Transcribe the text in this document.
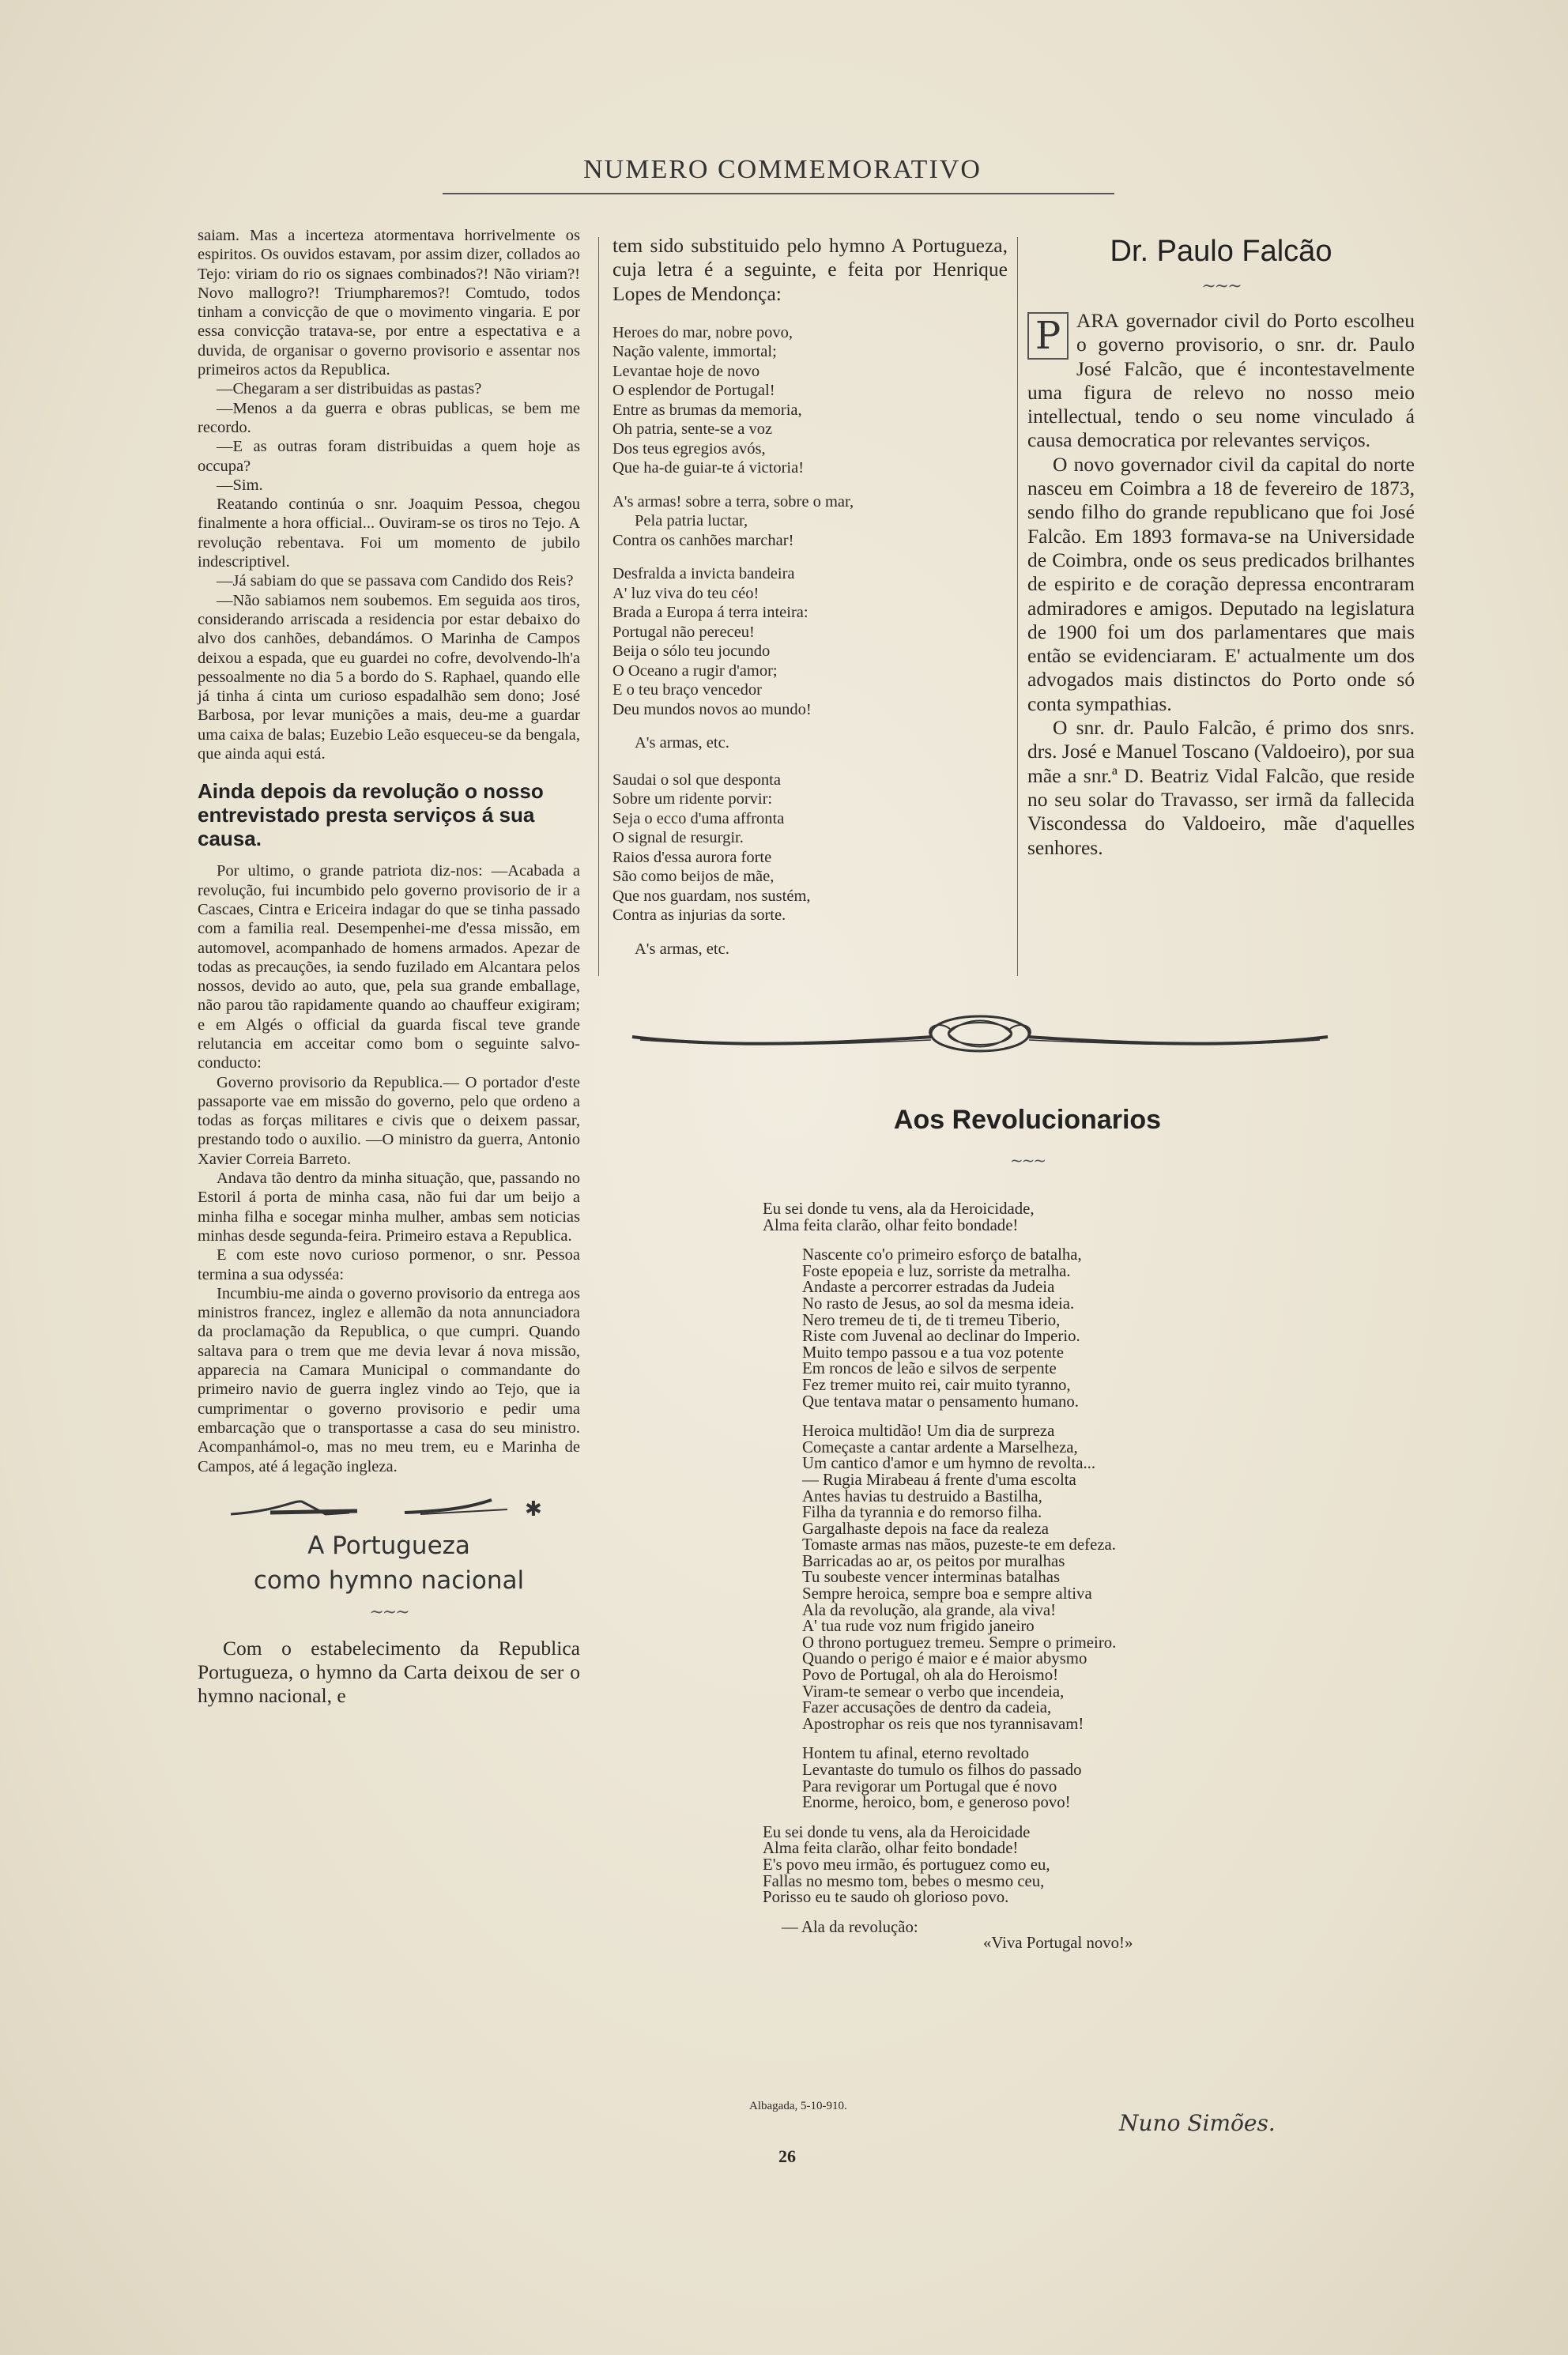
NUMERO COMMEMORATIVO

saiam. Mas a incerteza atormentava horrivelmente os espiritos. Os ouvidos estavam, por assim dizer, collados ao Tejo: viriam do rio os signaes combinados?! Não viriam?! Novo mallogro?! Triumpharemos?! Comtudo, todos tinham a convicção de que o movimento vingaria. E por essa convicção tratava-se, por entre a espectativa e a duvida, de organisar o governo provisorio e assentar nos primeiros actos da Republica.

—Chegaram a ser distribuidas as pastas?

—Menos a da guerra e obras publicas, se bem me recordo.

—E as outras foram distribuidas a quem hoje as occupa?

—Sim.

Reatando continúa o snr. Joaquim Pessoa, chegou finalmente a hora official... Ouviram-se os tiros no Tejo. A revolução rebentava. Foi um momento de jubilo indescriptivel.

—Já sabiam do que se passava com Candido dos Reis?

—Não sabiamos nem soubemos. Em seguida aos tiros, considerando arriscada a residencia por estar debaixo do alvo dos canhões, debandámos. O Marinha de Campos deixou a espada, que eu guardei no cofre, devolvendo-lh'a pessoalmente no dia 5 a bordo do S. Raphael, quando elle já tinha á cinta um curioso espadalhão sem dono; José Barbosa, por levar munições a mais, deu-me a guardar uma caixa de balas; Euzebio Leão esqueceu-se da bengala, que ainda aqui está.

Ainda depois da revolução o nosso entrevistado presta serviços á sua causa.

Por ultimo, o grande patriota diz-nos: —Acabada a revolução, fui incumbido pelo governo provisorio de ir a Cascaes, Cintra e Ericeira indagar do que se tinha passado com a familia real. Desempenhei-me d'essa missão, em automovel, acompanhado de homens armados. Apezar de todas as precauções, ia sendo fuzilado em Alcantara pelos nossos, devido ao auto, que, pela sua grande emballage, não parou tão rapidamente quando ao chauffeur exigiram; e em Algés o official da guarda fiscal teve grande relutancia em acceitar como bom o seguinte salvo-conducto:

Governo provisorio da Republica.— O portador d'este passaporte vae em missão do governo, pelo que ordeno a todas as forças militares e civis que o deixem passar, prestando todo o auxilio. —O ministro da guerra, Antonio Xavier Correia Barreto.

Andava tão dentro da minha situação, que, passando no Estoril á porta de minha casa, não fui dar um beijo a minha filha e socegar minha mulher, ambas sem noticias minhas desde segunda-feira. Primeiro estava a Republica.

E com este novo curioso pormenor, o snr. Pessoa termina a sua odysséa:

Incumbiu-me ainda o governo provisorio da entrega aos ministros francez, inglez e allemão da nota annunciadora da proclamação da Republica, o que cumpri. Quando saltava para o trem que me devia levar á nova missão, apparecia na Camara Municipal o commandante do primeiro navio de guerra inglez vindo ao Tejo, que ia cumprimentar o governo provisorio e pedir uma embarcação que o transportasse a casa do seu ministro. Acompanhámol-o, mas no meu trem, eu e Marinha de Campos, até á legação ingleza.

✱
A Portugueza
como hymno nacional
~~~

Com o estabelecimento da Republica Portugueza, o hymno da Carta deixou de ser o hymno nacional, e

tem sido substituido pelo hymno A Portugueza, cuja letra é a seguinte, e feita por Henrique Lopes de Mendonça:

Heroes do mar, nobre povo,
Nação valente, immortal;
Levantae hoje de novo
O esplendor de Portugal!
Entre as brumas da memoria,
Oh patria, sente-se a voz
Dos teus egregios avós,
Que ha-de guiar-te á victoria!
A's armas! sobre a terra, sobre o mar,
Pela patria luctar,
Contra os canhões marchar!
Desfralda a invicta bandeira
A' luz viva do teu céo!
Brada a Europa á terra inteira:
Portugal não pereceu!
Beija o sólo teu jocundo
O Oceano a rugir d'amor;
E o teu braço vencedor
Deu mundos novos ao mundo!
A's armas, etc.
Saudai o sol que desponta
Sobre um ridente porvir:
Seja o ecco d'uma affronta
O signal de resurgir.
Raios d'essa aurora forte
São como beijos de mãe,
Que nos guardam, nos sustém,
Contra as injurias da sorte.
A's armas, etc.
Dr. Paulo Falcão
~~~

P ARA governador civil do Porto escolheu o governo provisorio, o snr. dr. Paulo José Falcão, que é incontestavelmente uma figura de relevo no nosso meio intellectual, tendo o seu nome vinculado á causa democratica por relevantes serviços.

O novo governador civil da capital do norte nasceu em Coimbra a 18 de fevereiro de 1873, sendo filho do grande republicano que foi José Falcão. Em 1893 formava-se na Universidade de Coimbra, onde os seus predicados brilhantes de espirito e de coração depressa encontraram admiradores e amigos. Deputado na legislatura de 1900 foi um dos parlamentares que mais então se evidenciaram. E' actualmente um dos advogados mais distinctos do Porto onde só conta sympathias.

O snr. dr. Paulo Falcão, é primo dos snrs. drs. José e Manuel Toscano (Valdoeiro), por sua mãe a snr.ª D. Beatriz Vidal Falcão, que reside no seu solar do Travasso, ser irmã da fallecida Viscondessa do Valdoeiro, mãe d'aquelles senhores.

Aos Revolucionarios
~~~
Eu sei donde tu vens, ala da Heroicidade,
Alma feita clarão, olhar feito bondade!
Nascente co'o primeiro esforço de batalha,
Foste epopeia e luz, sorriste da metralha.
Andaste a percorrer estradas da Judeia
No rasto de Jesus, ao sol da mesma ideia.
Nero tremeu de ti, de ti tremeu Tiberio,
Riste com Juvenal ao declinar do Imperio.
Muito tempo passou e a tua voz potente
Em roncos de leão e silvos de serpente
Fez tremer muito rei, cair muito tyranno,
Que tentava matar o pensamento humano.
Heroica multidão! Um dia de surpreza
Começaste a cantar ardente a Marselheza,
Um cantico d'amor e um hymno de revolta...
— Rugia Mirabeau á frente d'uma escolta
Antes havias tu destruido a Bastilha,
Filha da tyrannia e do remorso filha.
Gargalhaste depois na face da realeza
Tomaste armas nas mãos, puzeste-te em defeza.
Barricadas ao ar, os peitos por muralhas
Tu soubeste vencer interminas batalhas
Sempre heroica, sempre boa e sempre altiva
Ala da revolução, ala grande, ala viva!
A' tua rude voz num frigido janeiro
O throno portuguez tremeu. Sempre o primeiro.
Quando o perigo é maior e é maior abysmo
Povo de Portugal, oh ala do Heroismo!
Viram-te semear o verbo que incendeia,
Fazer accusações de dentro da cadeia,
Apostrophar os reis que nos tyrannisavam!
Hontem tu afinal, eterno revoltado
Levantaste do tumulo os filhos do passado
Para revigorar um Portugal que é novo
Enorme, heroico, bom, e generoso povo!
Eu sei donde tu vens, ala da Heroicidade
Alma feita clarão, olhar feito bondade!
E's povo meu irmão, és portuguez como eu,
Fallas no mesmo tom, bebes o mesmo ceu,
Porisso eu te saudo oh glorioso povo.
— Ala da revolução:
«Viva Portugal novo!»
Albagada, 5-10-910.
Nuno Simões.
26
